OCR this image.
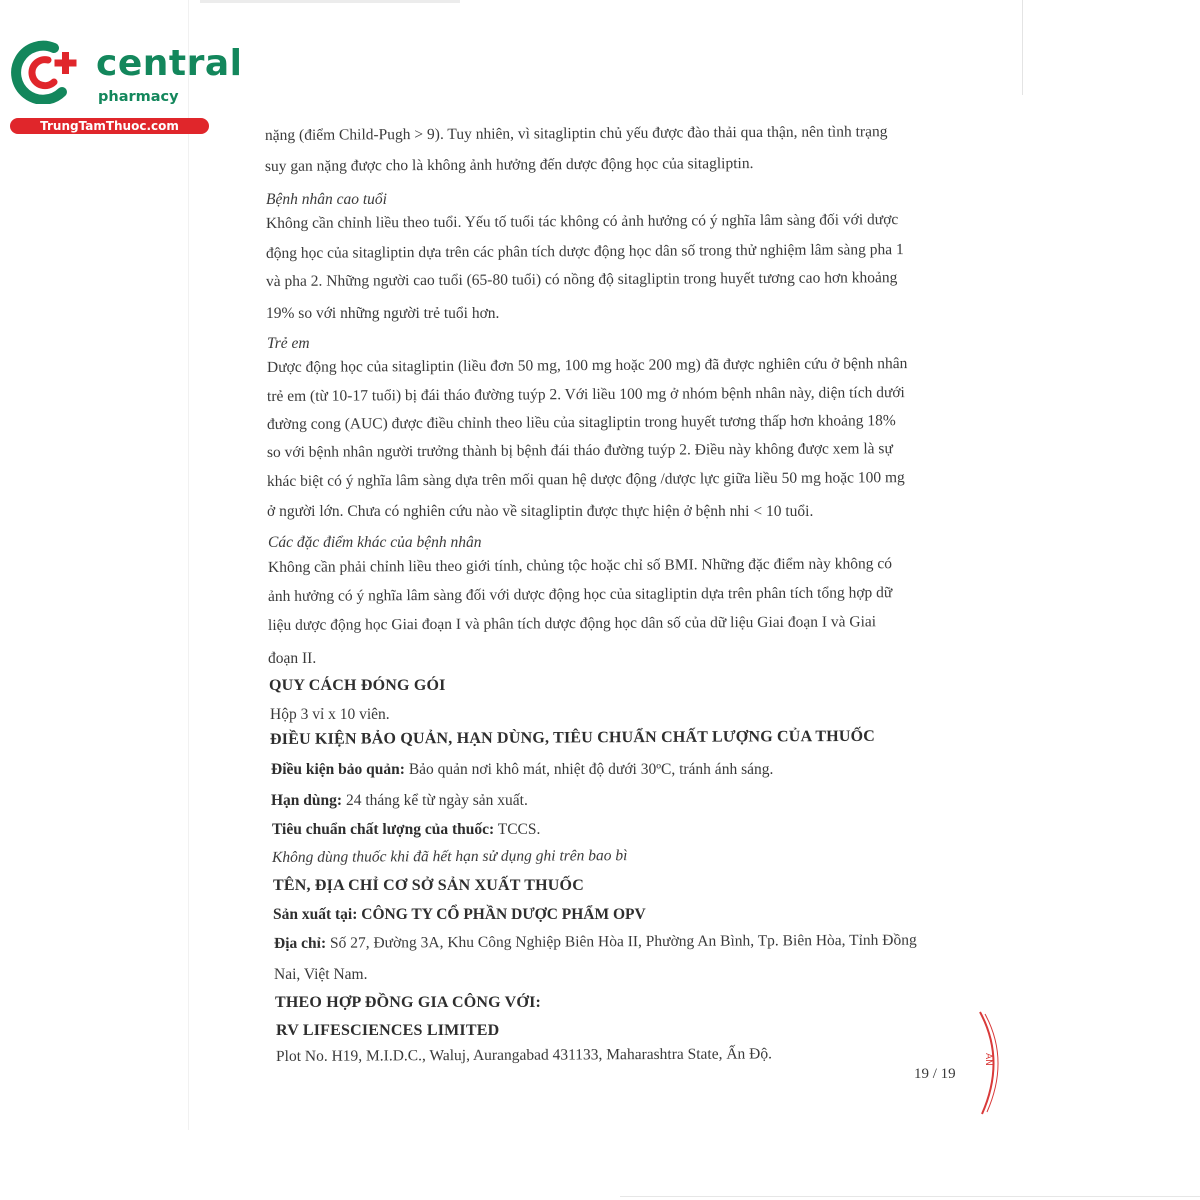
central
pharmacy
TrungTamThuoc.com	nặng (điểm Child-Pugh > 9). Tuy nhiên, vì sitagliptin chủ yếu được đào thải qua thận, nên tình trạng
suy gan nặng được cho là không ảnh hưởng đến dược động học của sitagliptin.
Bệnh nhân cao tuổi
Không cần chỉnh liều theo tuổi. Yếu tố tuổi tác không có ảnh hưởng có ý nghĩa lâm sàng đối với dược
động học của sitagliptin dựa trên các phân tích dược động học dân số trong thử nghiệm lâm sàng pha 1
và pha 2. Những người cao tuổi (65-80 tuổi) có nồng độ sitagliptin trong huyết tương cao hơn khoảng
19% so với những người trẻ tuổi hơn.
Trẻ em
Dược động học của sitagliptin (liều đơn 50 mg, 100 mg hoặc 200 mg) đã được nghiên cứu ở bệnh nhân
trẻ em (từ 10-17 tuổi) bị đái tháo đường tuýp 2. Với liều 100 mg ở nhóm bệnh nhân này, diện tích dưới
đường cong (AUC) được điều chỉnh theo liều của sitagliptin trong huyết tương thấp hơn khoảng 18%
so với bệnh nhân người trưởng thành bị bệnh đái tháo đường tuýp 2. Điều này không được xem là sự
khác biệt có ý nghĩa lâm sàng dựa trên mối quan hệ dược động /dược lực giữa liều 50 mg hoặc 100 mg
ở người lớn. Chưa có nghiên cứu nào về sitagliptin được thực hiện ở bệnh nhi < 10 tuổi.
Các đặc điểm khác của bệnh nhân
Không cần phải chỉnh liều theo giới tính, chủng tộc hoặc chỉ số BMI. Những đặc điểm này không có
ảnh hưởng có ý nghĩa lâm sàng đối với dược động học của sitagliptin dựa trên phân tích tổng hợp dữ
liệu dược động học Giai đoạn I và phân tích dược động học dân số của dữ liệu Giai đoạn I và Giai
đoạn II.
QUY CÁCH ĐÓNG GÓI
Hộp 3 vỉ x 10 viên.
ĐIỀU KIỆN BẢO QUẢN, HẠN DÙNG, TIÊU CHUẨN CHẤT LƯỢNG CỦA THUỐC
Điều kiện bảo quản: Bảo quản nơi khô mát, nhiệt độ dưới 30ºC, tránh ánh sáng.
Hạn dùng: 24 tháng kể từ ngày sản xuất.
Tiêu chuẩn chất lượng của thuốc: TCCS.
Không dùng thuốc khi đã hết hạn sử dụng ghi trên bao bì
TÊN, ĐỊA CHỈ CƠ SỞ SẢN XUẤT THUỐC
Sản xuất tại: CÔNG TY CỔ PHẦN DƯỢC PHẨM OPV
Địa chỉ: Số 27, Đường 3A, Khu Công Nghiệp Biên Hòa II, Phường An Bình, Tp. Biên Hòa, Tỉnh Đồng
Nai, Việt Nam.
THEO HỢP ĐỒNG GIA CÔNG VỚI:
RV LIFESCIENCES LIMITED
Plot No. H19, M.I.D.C., Waluj, Aurangabad 431133, Maharashtra State, Ấn Độ.
19 / 19
AN
